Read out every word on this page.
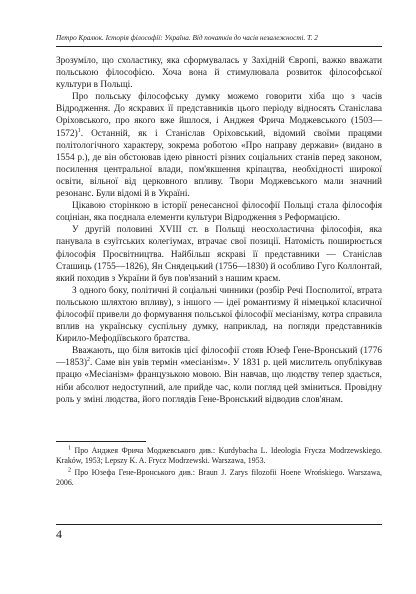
Петро Кралюк. Історія філософії: Україна. Від початків до часів незалежності. Т. 2

Зрозуміло, що схоластику, яка сформувалась у Західній Європі, важко вважати польською філософією. Хоча вона й стимулювала розвиток філософської культури в Польщі.

Про польську філософську думку можемо говорити хіба що з часів Відродження. До яскравих її представників цього періоду відносять Станіслава Оріховського, про якого вже йшлося, і Анджея Фрича Моджевського (1503—1572)$^1$. Останній, як і Станіслав Оріховський, відомий своїми працями політологічного характеру, зокрема роботою «Про направу держави» (видано в 1554 р.), де він обстоював ідею рівності різних соціальних станів перед законом, посилення центральної влади, пом'якшення кріпацтва, необхідності широкої освіти, вільної від церковного впливу. Твори Моджевського мали значний резонанс. Були відомі й в Україні.

Цікавою сторінкою в історії ренесансної філософії Польщі стала філософія соцініан, яка поєднала елементи культури Відродження з Реформацією.

У другій половині XVIII ст. в Польщі неосхоластична філософія, яка панувала в єзуїтських колегіумах, втрачає свої позиції. Натомість поширюється філософія Просвітництва. Найбільш яскраві її представники — Станіслав Сташиць (1755—1826), Ян Снядецький (1756—1830) й особливо Гуго Коллонтай, який походив з України й був пов'язаний з нашим краєм.

З одного боку, політичні й соціальні чинники (розбір Речі Посполитої, втрата польською шляхтою впливу), з іншого — ідеї романтизму й німецької класичної філософії привели до формування польської філософії месіанізму, котра справила вплив на українську суспільну думку, наприклад, на погляди представників Кирило-Мефодіївського братства.

Вважають, що біля витоків цієї філософії стояв Юзеф Гене-Вронський (1776—1853)$^2$. Саме він увів термін «месіанізм». У 1831 р. цей мислитель опублікував працю «Месіанізм» французькою мовою. Він навчав, що людству тепер здається, ніби абсолют недоступний, але прийде час, коли погляд цей зміниться. Провідну роль у зміні людства, його поглядів Гене-Вронський відводив слов'янам.

$^1$ Про Анджея Фрича Моджевського див.: Kurdybacha L. Ideologia Frycza Modrzewskiego. Kraków, 1953; Lepszy K. A. Frycz Modrzewski. Warszawa, 1953.

$^2$ Про Юзефа Гене-Вронського див.: Braun J. Zarys filozofii Hoene Wrońskiego. Warszawa, 2006.

4
